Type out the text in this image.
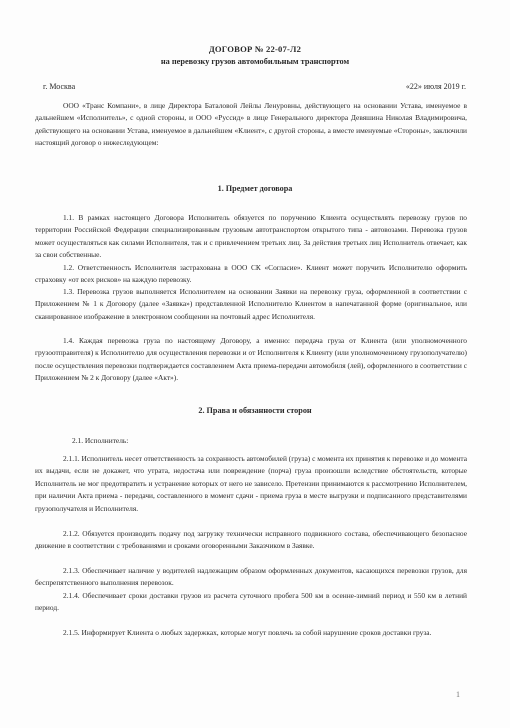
ДОГОВОР № 22-07-Л2
на перевозку грузов автомобильным транспортом
г. Москва	«22» июля 2019 г.
ООО «Транс Компани», в лице Директора Баталовой Лейлы Ленуровны, действующего на основании Устава, именуемое в дальнейшем «Исполнитель», с одной стороны, и ООО «Руссид» в лице Генерального директора Девяшина Николая Владимировича, действующего на основании Устава, именуемое в дальнейшем «Клиент», с другой стороны, а вместе именуемые «Стороны», заключили настоящий договор о нижеследующем:
1. Предмет договора
1.1. В рамках настоящего Договора Исполнитель обязуется по поручению Клиента осуществлять перевозку грузов по территории Российской Федерации специализированным грузовым автотранспортом открытого типа - автовозами. Перевозка грузов может осуществляться как силами Исполнителя, так и с привлечением третьих лиц. За действия третьих лиц Исполнитель отвечает, как за свои собственные.
1.2. Ответственность Исполнителя застрахована в ООО СК «Согласие». Клиент может поручить Исполнителю оформить страховку «от всех рисков» на каждую перевозку.
1.3. Перевозка грузов выполняется Исполнителем на основании Заявки на перевозку груза, оформленной в соответствии с Приложением № 1 к Договору (далее «Заявка») представленной Исполнителю Клиентом в напечатанной форме (оригинальное, или сканированное изображение в электронном сообщении на почтовый адрес Исполнителя.
1.4. Каждая перевозка груза по настоящему Договору, а именно: передача груза от Клиента (или уполномоченного грузоотправителя) к Исполнителю для осуществления перевозки и от Исполнителя к Клиенту (или уполномоченному грузополучателю) после осуществления перевозки подтверждается составлением Акта приема-передачи автомобиля (лей), оформленного в соответствии с Приложением № 2 к Договору (далее «Акт»).
2. Права и обязанности сторон
2.1. Исполнитель:
2.1.1. Исполнитель несет ответственность за сохранность автомобилей (груза) с момента их принятия к перевозке и до момента их выдачи, если не докажет, что утрата, недостача или повреждение (порча) груза произошли вследствие обстоятельств, которые Исполнитель не мог предотвратить и устранение которых от него не зависело. Претензии принимаются к рассмотрению Исполнителем, при наличии Акта приема - передачи, составленного в момент сдачи - приема груза в месте выгрузки и подписанного представителями грузополучателя и Исполнителя.
2.1.2. Обязуется производить подачу под загрузку технически исправного подвижного состава, обеспечивающего безопасное движение в соответствии с требованиями и сроками оговоренными Заказчиком в Заявке.
2.1.3. Обеспечивает наличие у водителей надлежащим образом оформленных документов, касающихся перевозки грузов, для беспрепятственного выполнения перевозок.
2.1.4. Обеспечивает сроки доставки грузов из расчета суточного пробега 500 км в осенне-зимний период и 550 км в летний период.
2.1.5. Информирует Клиента о любых задержках, которые могут повлечь за собой нарушение сроков доставки груза.
1
